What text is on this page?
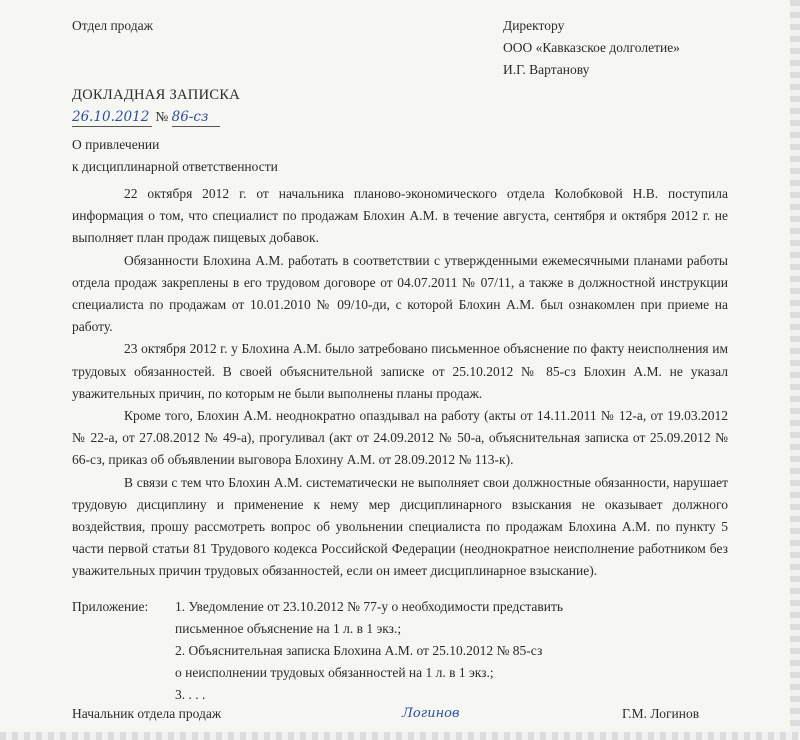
Отдел продаж	Директору
ООО «Кавказское долголетие»
И.Г. Вартанову
ДОКЛАДНАЯ ЗАПИСКА
26.10.2012 № 86-сз
О привлечении
к дисциплинарной ответственности

22 октября 2012 г. от начальника планово-экономического отдела Колобковой Н.В. поступила информация о том, что специалист по продажам Блохин А.М. в течение августа, сентября и октября 2012 г. не выполняет план продаж пищевых добавок.

Обязанности Блохина А.М. работать в соответствии с утвержденными ежемесячными планами работы отдела продаж закреплены в его трудовом договоре от 04.07.2011 № 07/11, а также в должностной инструкции специалиста по продажам от 10.01.2010 № 09/10-ди, с которой Блохин А.М. был ознакомлен при приеме на работу.

23 октября 2012 г. у Блохина А.М. было затребовано письменное объяснение по факту неисполнения им трудовых обязанностей. В своей объяснительной записке от 25.10.2012 № 85-сз Блохин А.М. не указал уважительных причин, по которым не были выполнены планы продаж.

Кроме того, Блохин А.М. неоднократно опаздывал на работу (акты от 14.11.2011 № 12-а, от 19.03.2012 № 22-а, от 27.08.2012 № 49-а), прогуливал (акт от 24.09.2012 № 50-а, объяснительная записка от 25.09.2012 № 66-сз, приказ об объявлении выговора Блохину А.М. от 28.09.2012 № 113-к).

В связи с тем что Блохин А.М. систематически не выполняет свои должностные обязанности, нарушает трудовую дисциплину и применение к нему мер дисциплинарного взыскания не оказывает должного воздействия, прошу рассмотреть вопрос об увольнении специалиста по продажам Блохина А.М. по пункту 5 части первой статьи 81 Трудового кодекса Российской Федерации (неоднократное неисполнение работником без уважительных причин трудовых обязанностей, если он имеет дисциплинарное взыскание).

Приложение: 1. Уведомление от 23.10.2012 № 77-у о необходимости представить
письменное объяснение на 1 л. в 1 экз.;
2. Объяснительная записка Блохина А.М. от 25.10.2012 № 85-сз
о неисполнении трудовых обязанностей на 1 л. в 1 экз.;
3. . . .
Начальник отдела продаж	Логинов	Г.М. Логинов
